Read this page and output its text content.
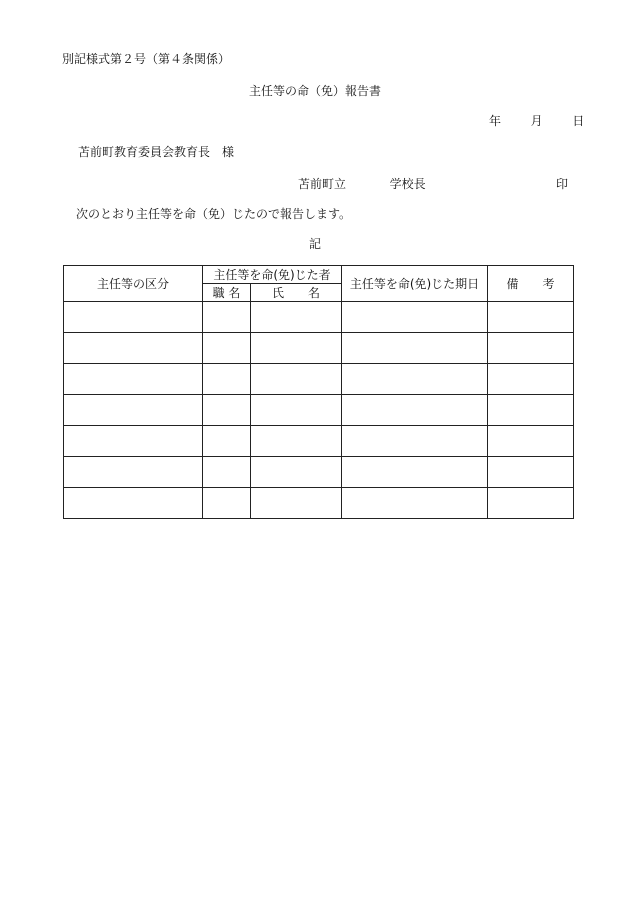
別記様式第２号（第４条関係）
主任等の命（免）報告書
年 月 日
苫前町教育委員会教育長　様
苫前町立	学校長	印
次のとおり主任等を命（免）じたので報告します。
記
主任等の区分	主任等を命(免)じた者		主任等を命(免)じた期日	備　　考
	職 名	氏　　名		
